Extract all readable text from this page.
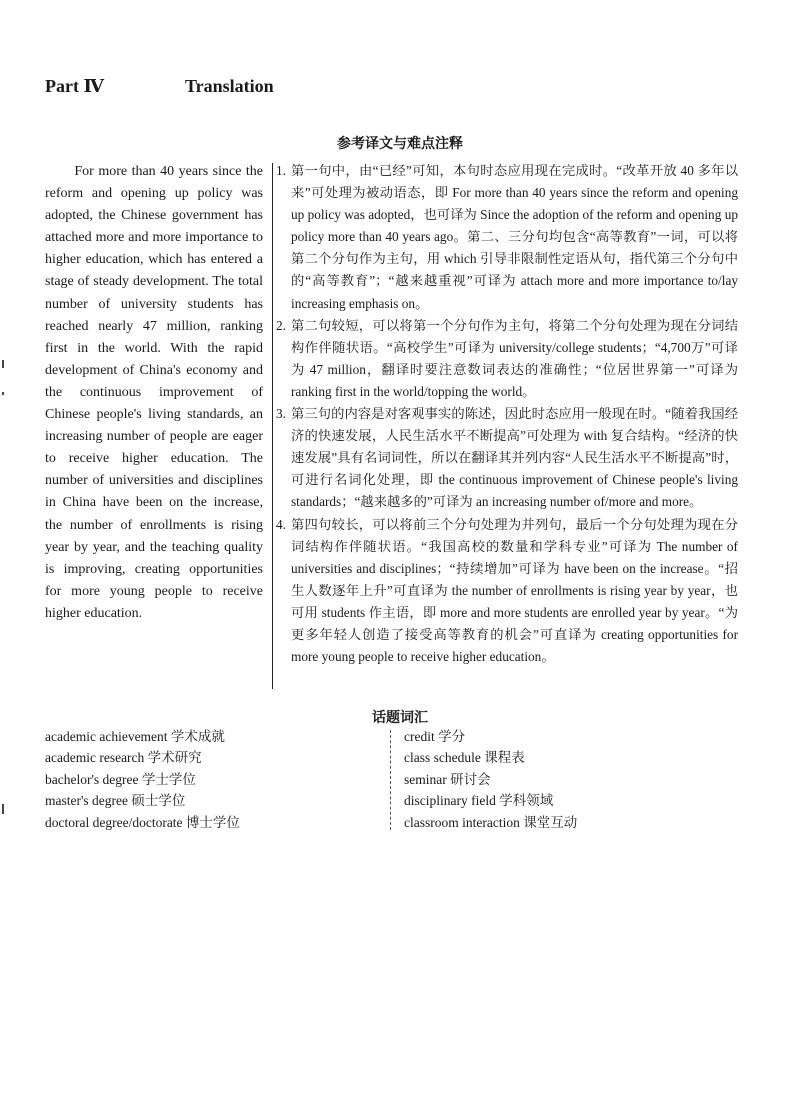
Part Ⅳ	Translation
参考译文与难点注释

For more than 40 years since the reform and opening up policy was adopted, the Chinese government has attached more and more importance to higher education, which has entered a stage of steady development. The total number of university students has reached nearly 47 million, ranking first in the world. With the rapid development of China's economy and the continuous improvement of Chinese people's living standards, an increasing number of people are eager to receive higher education. The number of universities and disciplines in China have been on the increase, the number of enrollments is rising year by year, and the teaching quality is improving, creating opportunities for more young people to receive higher education.

1. 第一句中，由“已经”可知，本句时态应用现在完成时。“改革开放 40 多年以来”可处理为被动语态，即 For more than 40 years since the reform and opening up policy was adopted，也可译为 Since the adoption of the reform and opening up policy more than 40 years ago。第二、三分句均包含“高等教育”一词，可以将第二个分句作为主句，用 which 引导非限制性定语从句，指代第三个分句中的“高等教育”；“越来越重视”可译为 attach more and more importance to/lay increasing emphasis on。
2. 第二句较短，可以将第一个分句作为主句，将第二个分句处理为现在分词结构作伴随状语。“高校学生”可译为 university/college students；“4,700万”可译为 47 million，翻译时要注意数词表达的准确性；“位居世界第一”可译为 ranking first in the world/topping the world。
3. 第三句的内容是对客观事实的陈述，因此时态应用一般现在时。“随着我国经济的快速发展，人民生活水平不断提高”可处理为 with 复合结构。“经济的快速发展”具有名词词性，所以在翻译其并列内容“人民生活水平不断提高”时，可进行名词化处理，即 the continuous improvement of Chinese people's living standards；“越来越多的”可译为 an increasing number of/more and more。
4. 第四句较长，可以将前三个分句处理为并列句，最后一个分句处理为现在分词结构作伴随状语。“我国高校的数量和学科专业”可译为 The number of universities and disciplines；“持续增加”可译为 have been on the increase。“招生人数逐年上升”可直译为 the number of enrollments is rising year by year，也可用 students 作主语，即 more and more students are enrolled year by year。“为更多年轻人创造了接受高等教育的机会”可直译为 creating opportunities for more young people to receive higher education。
话题词汇
academic achievement 学术成就
academic research 学术研究
bachelor's degree 学士学位
master's degree 硕士学位
doctoral degree/doctorate 博士学位
credit 学分
class schedule 课程表
seminar 研讨会
disciplinary field 学科领域
classroom interaction 课堂互动
